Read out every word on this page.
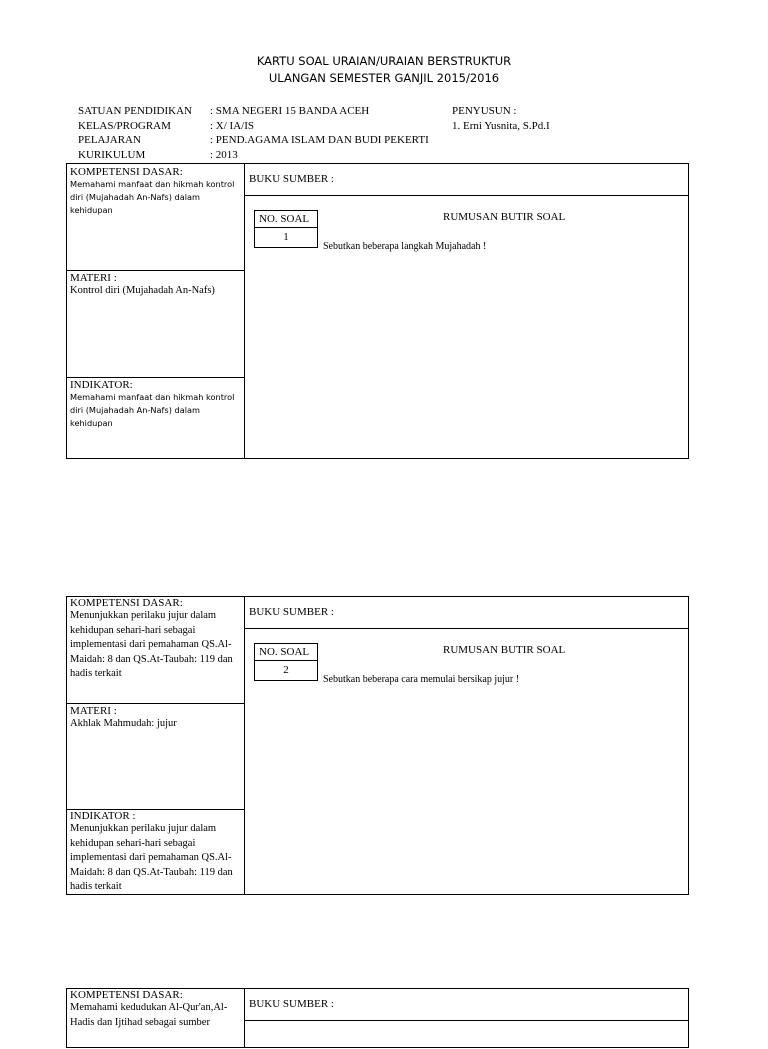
KARTU SOAL URAIAN/URAIAN BERSTRUKTUR
ULANGAN SEMESTER GANJIL 2015/2016
SATUAN PENDIDIKAN
KELAS/PROGRAM
PELAJARAN
KURIKULUM
: SMA NEGERI 15 BANDA ACEH
: X/ IA/IS
: PEND.AGAMA ISLAM DAN BUDI PEKERTI
: 2013
PENYUSUN :
1. Erni Yusnita, S.Pd.I
KOMPETENSI DASAR:
Memahami manfaat dan hikmah kontrol diri (Mujahadah An-Nafs) dalam kehidupan
MATERI :
Kontrol diri (Mujahadah An-Nafs)
INDIKATOR:
Memahami manfaat dan hikmah kontrol diri (Mujahadah An-Nafs) dalam kehidupan
BUKU SUMBER :
NO. SOAL
1
RUMUSAN BUTIR SOAL
Sebutkan beberapa langkah Mujahadah !
KOMPETENSI DASAR:
Menunjukkan perilaku jujur dalam kehidupan sehari-hari sebagai implementasi dari pemahaman QS.Al-Maidah: 8 dan QS.At-Taubah: 119 dan hadis terkait
MATERI :
Akhlak Mahmudah: jujur
INDIKATOR :
Menunjukkan perilaku jujur dalam kehidupan sehari-hari sebagai implementasi dari pemahaman QS.Al-Maidah: 8 dan QS.At-Taubah: 119 dan hadis terkait
BUKU SUMBER :
NO. SOAL
2
RUMUSAN BUTIR SOAL
Sebutkan beberapa cara memulai bersikap jujur !
KOMPETENSI DASAR:
Memahami kedudukan Al-Qur'an,Al-Hadis dan Ijtihad sebagai sumber
BUKU SUMBER :
